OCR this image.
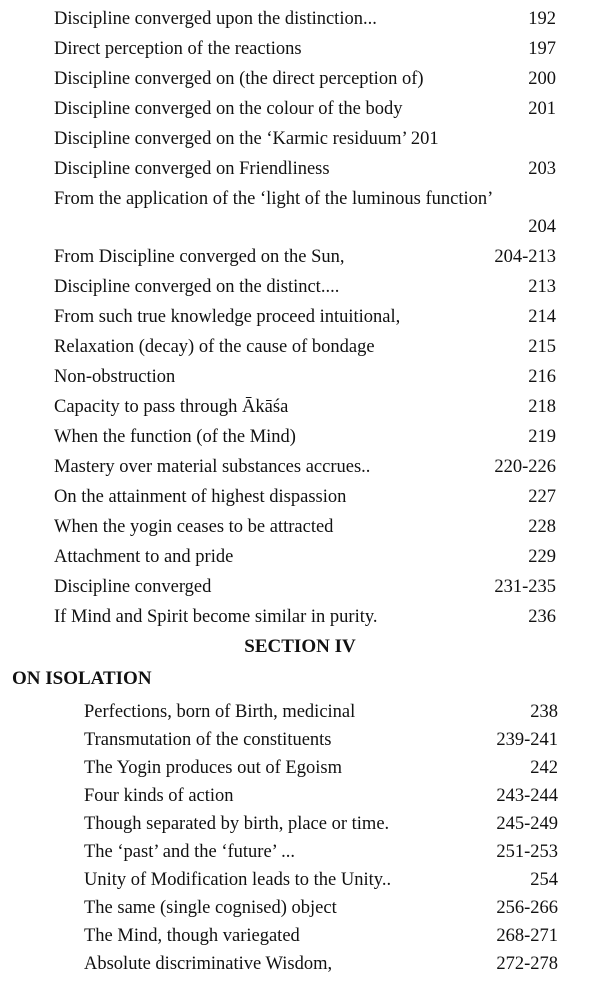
Discipline converged upon the distinction...	192
Direct perception of the reactions	197
Discipline converged on (the direct perception of)	200
Discipline converged on the colour of the body	201
Discipline converged on the ‘Karmic residuum’ 201
Discipline converged on Friendliness	203
From the application of the ‘light of the luminous function’
204
From Discipline converged on the Sun,	204-213
Discipline converged on the distinct....	213
From such true knowledge proceed intuitional,	214
Relaxation (decay) of the cause of bondage	215
Non-obstruction	216
Capacity to pass through Ākāśa	218
When the function (of the Mind)	219
Mastery over material substances accrues..	220-226
On the attainment of highest dispassion	227
When the yogin ceases to be attracted	228
Attachment to and pride	229
Discipline converged	231-235
If Mind and Spirit become similar in purity.	236
SECTION IV
ON ISOLATION
Perfections, born of Birth, medicinal	238
Transmutation of the constituents	239-241
The Yogin produces out of Egoism	242
Four kinds of action	243-244
Though separated by birth, place or time.	245-249
The ‘past’ and the ‘future’ ...	251-253
Unity of Modification leads to the Unity..	254
The same (single cognised) object	256-266
The Mind, though variegated	268-271
Absolute discriminative Wisdom,	272-278
